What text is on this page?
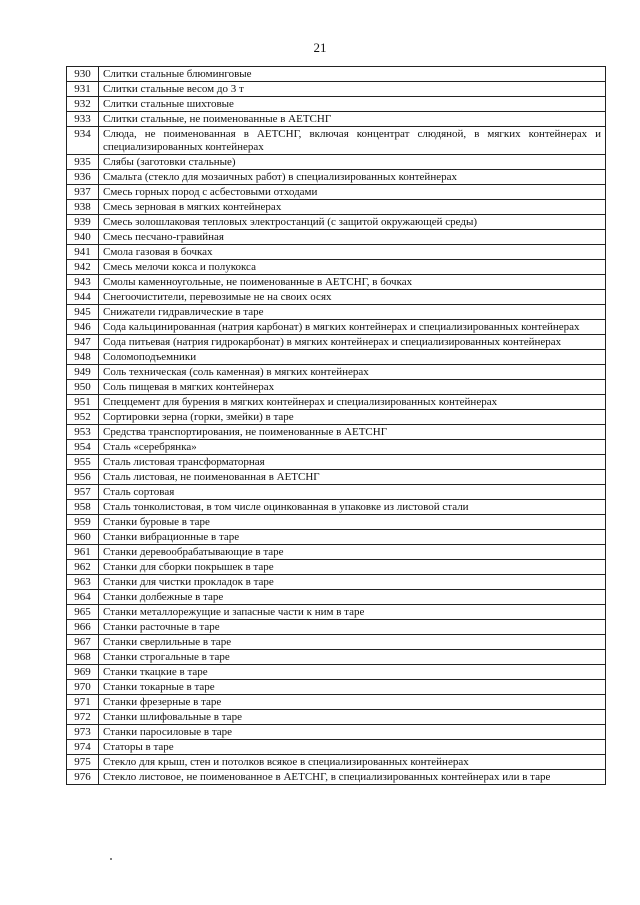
21
930	Слитки стальные блюминговые
931	Слитки стальные весом до 3 т
932	Слитки стальные шихтовые
933	Слитки стальные, не поименованные в АЕТСНГ
934	Слюда, не поименованная в АЕТСНГ, включая концентрат слюдяной, в мягких контейнерах и специализированных контейнерах
935	Слябы (заготовки стальные)
936	Смальта (стекло для мозаичных работ) в специализированных контейнерах
937	Смесь горных пород с асбестовыми отходами
938	Смесь зерновая в мягких контейнерах
939	Смесь золошлаковая тепловых электростанций (с защитой окружающей среды)
940	Смесь песчано-гравийная
941	Смола газовая в бочках
942	Смесь мелочи кокса и полукокса
943	Смолы каменноугольные, не поименованные в АЕТСНГ, в бочках
944	Снегоочистители, перевозимые не на своих осях
945	Снижатели гидравлические в таре
946	Сода кальцинированная (натрия карбонат) в мягких контейнерах и специализированных контейнерах
947	Сода питьевая (натрия гидрокарбонат) в мягких контейнерах и специализированных контейнерах
948	Соломоподъемники
949	Соль техническая (соль каменная) в мягких контейнерах
950	Соль пищевая в мягких контейнерах
951	Спеццемент для бурения в мягких контейнерах и специализированных контейнерах
952	Сортировки зерна (горки, змейки) в таре
953	Средства транспортирования, не поименованные в АЕТСНГ
954	Сталь «серебрянка»
955	Сталь листовая трансформаторная
956	Сталь листовая, не поименованная в АЕТСНГ
957	Сталь сортовая
958	Сталь тонколистовая, в том числе оцинкованная в упаковке из листовой стали
959	Станки буровые в таре
960	Станки вибрационные в таре
961	Станки деревообрабатывающие в таре
962	Станки для сборки покрышек в таре
963	Станки для чистки прокладок в таре
964	Станки долбежные в таре
965	Станки металлорежущие и запасные части к ним в таре
966	Станки расточные в таре
967	Станки сверлильные в таре
968	Станки строгальные в таре
969	Станки ткацкие в таре
970	Станки токарные в таре
971	Станки фрезерные в таре
972	Станки шлифовальные в таре
973	Станки паросиловые в таре
974	Статоры в таре
975	Стекло для крыш, стен и потолков всякое в специализированных контейнерах
976	Стекло листовое, не поименованное в АЕТСНГ, в специализированных контейнерах или в таре
